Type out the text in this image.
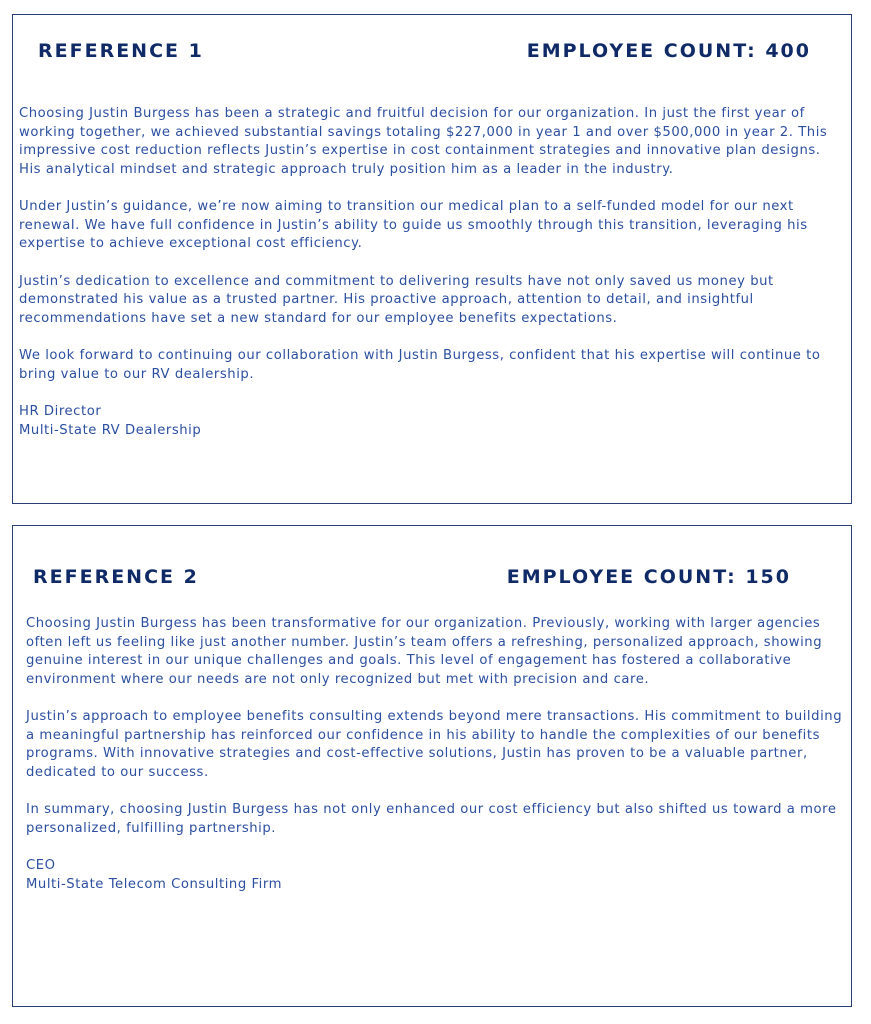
REFERENCE 1	EMPLOYEE COUNT: 400

Choosing Justin Burgess has been a strategic and fruitful decision for our organization. In just the first year of working together, we achieved substantial savings totaling $227,000 in year 1 and over $500,000 in year 2. This impressive cost reduction reflects Justin’s expertise in cost containment strategies and innovative plan designs. His analytical mindset and strategic approach truly position him as a leader in the industry.

Under Justin’s guidance, we’re now aiming to transition our medical plan to a self-funded model for our next renewal. We have full confidence in Justin’s ability to guide us smoothly through this transition, leveraging his expertise to achieve exceptional cost efficiency.

Justin’s dedication to excellence and commitment to delivering results have not only saved us money but demonstrated his value as a trusted partner. His proactive approach, attention to detail, and insightful recommendations have set a new standard for our employee benefits expectations.

We look forward to continuing our collaboration with Justin Burgess, confident that his expertise will continue to bring value to our RV dealership.

HR Director
Multi-State RV Dealership

REFERENCE 2	EMPLOYEE COUNT: 150

Choosing Justin Burgess has been transformative for our organization. Previously, working with larger agencies often left us feeling like just another number. Justin’s team offers a refreshing, personalized approach, showing genuine interest in our unique challenges and goals. This level of engagement has fostered a collaborative environment where our needs are not only recognized but met with precision and care.

Justin’s approach to employee benefits consulting extends beyond mere transactions. His commitment to building a meaningful partnership has reinforced our confidence in his ability to handle the complexities of our benefits programs. With innovative strategies and cost-effective solutions, Justin has proven to be a valuable partner, dedicated to our success.

In summary, choosing Justin Burgess has not only enhanced our cost efficiency but also shifted us toward a more personalized, fulfilling partnership.

CEO
Multi-State Telecom Consulting Firm
